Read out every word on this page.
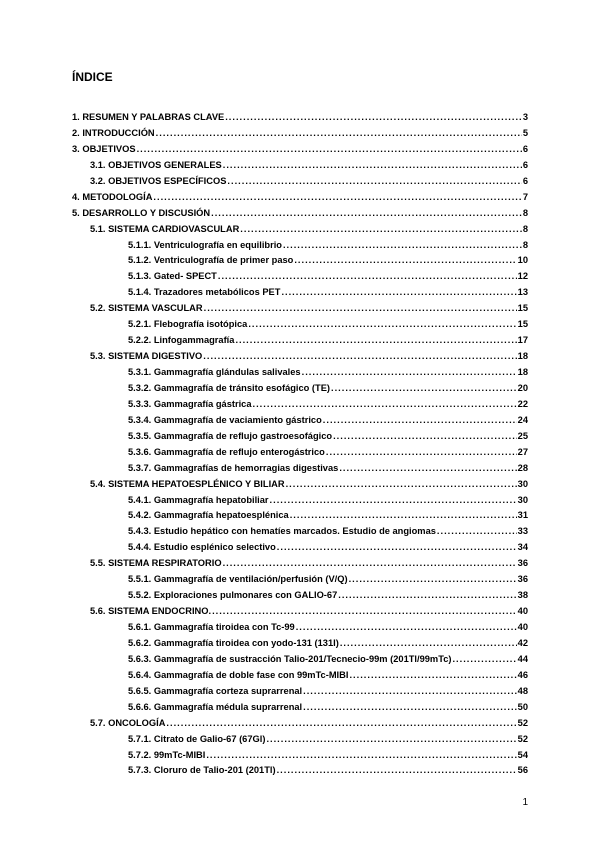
ÍNDICE
1. RESUMEN Y PALABRAS CLAVE .....	3
2. INTRODUCCIÓN .....	5
3. OBJETIVOS .....	6
3.1. OBJETIVOS GENERALES .....	6
3.2. OBJETIVOS ESPECÍFICOS .....	6
4. METODOLOGÍA .....	7
5. DESARROLLO Y DISCUSIÓN .....	8
5.1. SISTEMA CARDIOVASCULAR .....	8
5.1.1. Ventriculografía en equilibrio .....	8
5.1.2. Ventriculografía de primer paso .....	10
5.1.3. Gated- SPECT .....	12
5.1.4. Trazadores metabólicos PET .....	13
5.2. SISTEMA VASCULAR .....	15
5.2.1. Flebografía isotópica .....	15
5.2.2. Linfogammagrafía .....	17
5.3. SISTEMA DIGESTIVO .....	18
5.3.1. Gammagrafía glándulas salivales .....	18
5.3.2. Gammagrafía de tránsito esofágico (TE) .....	20
5.3.3. Gammagrafía gástrica .....	22
5.3.4. Gammagrafía de vaciamiento gástrico .....	24
5.3.5. Gammagrafía de reflujo gastroesofágico .....	25
5.3.6. Gammagrafía de reflujo enterogástrico .....	27
5.3.7. Gammagrafías de hemorragias digestivas .....	28
5.4. SISTEMA HEPATOESPLÉNICO Y BILIAR .....	30
5.4.1. Gammagrafía hepatobiliar .....	30
5.4.2. Gammagrafía hepatoesplénica .....	31
5.4.3. Estudio hepático con hematíes marcados. Estudio de angiomas .....	33
5.4.4. Estudio esplénico selectivo .....	34
5.5. SISTEMA RESPIRATORIO .....	36
5.5.1. Gammagrafía de ventilación/perfusión (V/Q) .....	36
5.5.2. Exploraciones pulmonares con GALIO-67 .....	38
5.6. SISTEMA ENDOCRINO. .....	40
5.6.1. Gammagrafía tiroidea con Tc-99 .....	40
5.6.2. Gammagrafía tiroidea con yodo-131 (131I) .....	42
5.6.3. Gammagrafía de sustracción Talio-201/Tecnecio-99m (201Tl/99mTc) .....	44
5.6.4. Gammagrafía de doble fase con 99mTc-MIBI .....	46
5.6.5. Gammagrafía corteza suprarrenal .....	48
5.6.6. Gammagrafía médula suprarrenal .....	50
5.7. ONCOLOGÍA .....	52
5.7.1. Citrato de Galio-67 (67Gl) .....	52
5.7.2. 99mTc-MIBI .....	54
5.7.3. Cloruro de Talio-201 (201Tl) .....	56
1
